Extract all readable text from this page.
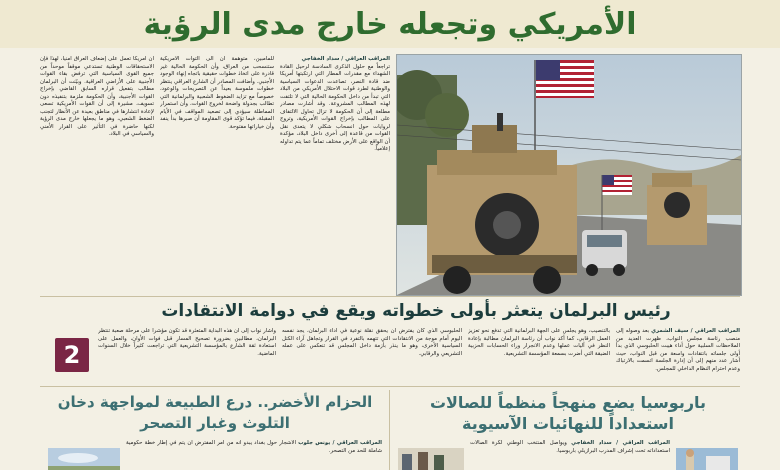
الأمريكي وتجعله خارج مدى الرؤية
المراقب العراقي / سداد الخفاجي
تراجعاً مع حلول الذكرى السادسة لرحيل القادة الشهداء مع مقدرات المطار التي ارتكبتها أمريكا ضد قادة النصر، تصاعدت الدعوات السياسية والوطنية لطرد قوات الاحتلال الأمريكي من البلاد التي تبدأ من داخل الحكومة الحالية التي لا تلتفت لهذه المطالب المشروعة. وقد أشارت مصادر مطلعة إلى أن الحكومة لا تزال تحاول الالتفاف على المطالب بإخراج القوات الأمريكية، وتروج لروايات حول انسحاب شكلي لا يتعدى نقل القوات من قاعدة إلى أخرى داخل البلاد، مؤكدة أن الواقع على الأرض مختلف تماماً عما يتم تداوله إعلامياً.
للمامبين، متوهمة أن الى التوات الأمريكية ستنسحب من العراق، وأن الحكومة الحالية غير قادرة على اتخاذ خطوات حقيقية باتجاه إنهاء الوجود الأجنبي. وأضافت المصادر أن الشارع العراقي ينتظر خطوات ملموسة بعيداً عن التصريحات والوعود، خصوصاً مع تزايد الضغوط الشعبية والبرلمانية التي تطالب بجدولة واضحة لخروج القوات، وأن استمرار المماطلة سيؤدي إلى تصعيد المواقف في الأيام المقبلة، فيما تؤكد قوى المقاومة أن صبرها بدأ ينفد وأن خياراتها مفتوحة.
أن أمريكا تعمل على إضعاف العراق أمنياً، لهذا فإن الاستحقاقات الوطنية تستدعي موقفاً موحداً من جميع القوى السياسية التي ترفض بقاء القوات الأجنبية على الأراضي العراقية. وبيّنت أن البرلمان مطالب بتفعيل قراره السابق القاضي بإخراج القوات الأجنبية، وأن الحكومة ملزمة بتنفيذه دون تسويف، مشيرة إلى أن القوات الأمريكية تسعى لإعادة انتشارها في مناطق بعيدة عن الأنظار لتجنب الضغط الشعبي، وهو ما يجعلها خارج مدى الرؤية لكنها حاضرة في التأثير على القرار الأمني والسياسي في البلاد.
رئيس البرلمان يتعثر بأولى خطواته ويقع في دوامة الانتقادات
2
المراقب العراقي / سيف الشمري بعد وصوله إلى منصب رئاسة مجلس النواب، ظهرت العديد من الملاحظات السلبية حول أداء هيبت الحلبوسي الذي بدأ أولى جلساته بانتقادات واسعة من قبل النواب، حيث أشار عدد منهم إلى أن إدارة الجلسة اتسمت بالارتباك وعدم احترام النظام الداخلي للمجلس.
بالتنصيب، وهو يجلس على الجهة البرلمانية التي تدفع نحو تعزيز العمل الرقابي، كما أكد نواب أن رئاسة البرلمان مطالبة بإعادة النظر في آليات عملها وعدم الانجرار وراء الحسابات الحزبية الضيقة التي أضرت بسمعة المؤسسة التشريعية.
الحلبوسي الذي كان يفترض أن يحقق نقلة نوعية في أداء البرلمان، يجد نفسه اليوم أمام موجة من الانتقادات التي تتهمه بالتفرد في القرار وتجاهل آراء الكتل السياسية الأخرى، وهو ما ينذر بأزمة داخل المجلس قد تنعكس على عمله التشريعي والرقابي.
وأشار نواب إلى أن هذه البداية المتعثرة قد تكون مؤشراً على مرحلة صعبة تنتظر البرلمان، مطالبين بضرورة تصحيح المسار قبل فوات الأوان، والعمل على استعادة ثقة الشارع بالمؤسسة التشريعية التي تراجعت كثيراً خلال السنوات الماضية.
باربوسيا يضع منهجاً منظماً للصالات استعداداً للنهائيات الآسيوية
المراقب العراقي / سداد الخفاجي ويواصل المنتخب الوطني لكرة الصالات استعداداته تحت إشراف المدرب البرازيلي باربوسيا.
الحزام الأخضر.. درع الطبيعة لمواجهة دخان التلوث وغبار التصحر
المراقب العراقي / يونس جلوب الأشجار حول بغداد يبدو أنه من أمر المفترض أن يتم في إطار خطة حكومية شاملة للحد من التصحر.
